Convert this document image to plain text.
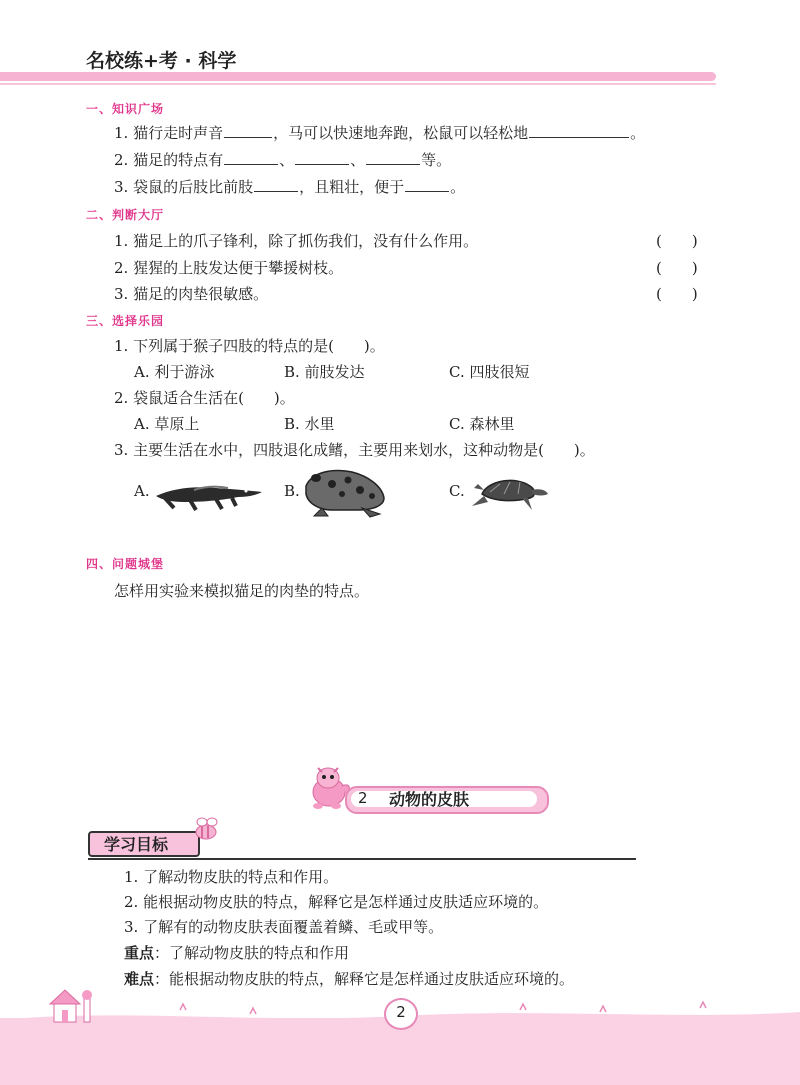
名校练+考 · 科学
一、知识广场
1. 猫行走时声音	，马可以快速地奔跑，松鼠可以轻松地	。
2. 猫足的特点有	、	、	等。
3. 袋鼠的后肢比前肢	，且粗壮，便于	。
二、判断大厅
1. 猫足上的爪子锋利，除了抓伤我们，没有什么作用。	(　　)
2. 猩猩的上肢发达便于攀援树枝。	(　　)
3. 猫足的肉垫很敏感。	(　　)
三、选择乐园
1. 下列属于猴子四肢的特点的是(　　)。
A. 利于游泳	B. 前肢发达	C. 四肢很短
2. 袋鼠适合生活在(　　)。
A. 草原上	B. 水里	C. 森林里
3. 主要生活在水中，四肢退化成鳍，主要用来划水，这种动物是(　　)。
A.	B.	C.
四、问题城堡
怎样用实验来模拟猫足的肉垫的特点。
2 动物的皮肤
学习目标
1. 了解动物皮肤的特点和作用。
2. 能根据动物皮肤的特点，解释它是怎样通过皮肤适应环境的。
3. 了解有的动物皮肤表面覆盖着鳞、毛或甲等。
重点：了解动物皮肤的特点和作用
难点：能根据动物皮肤的特点，解释它是怎样通过皮肤适应环境的。
2
